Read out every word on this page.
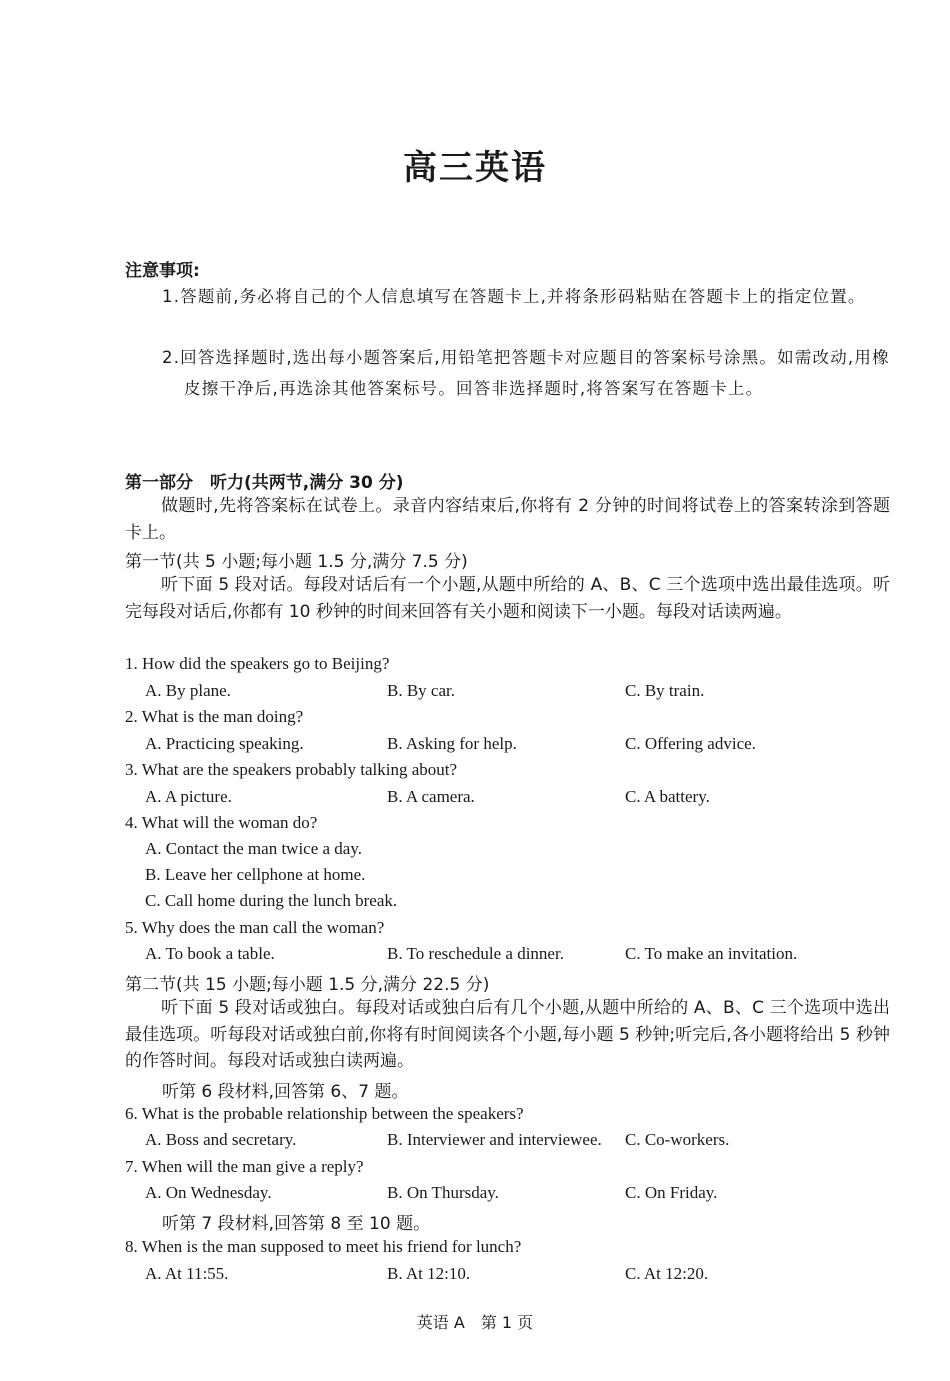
高三英语
注意事项:
1.答题前,务必将自己的个人信息填写在答题卡上,并将条形码粘贴在答题卡上的指定位置。
2.回答选择题时,选出每小题答案后,用铅笔把答题卡对应题目的答案标号涂黑。如需改动,用橡皮擦干净后,再选涂其他答案标号。回答非选择题时,将答案写在答题卡上。
第一部分　听力(共两节,满分 30 分)
做题时,先将答案标在试卷上。录音内容结束后,你将有 2 分钟的时间将试卷上的答案转涂到答题卡上。
第一节(共 5 小题;每小题 1.5 分,满分 7.5 分)
听下面 5 段对话。每段对话后有一个小题,从题中所给的 A、B、C 三个选项中选出最佳选项。听完每段对话后,你都有 10 秒钟的时间来回答有关小题和阅读下一小题。每段对话读两遍。
1. How did the speakers go to Beijing?
A. By plane.	B. By car.	C. By train.
2. What is the man doing?
A. Practicing speaking.	B. Asking for help.	C. Offering advice.
3. What are the speakers probably talking about?
A. A picture.	B. A camera.	C. A battery.
4. What will the woman do?
A. Contact the man twice a day.
B. Leave her cellphone at home.
C. Call home during the lunch break.
5. Why does the man call the woman?
A. To book a table.	B. To reschedule a dinner.	C. To make an invitation.
第二节(共 15 小题;每小题 1.5 分,满分 22.5 分)
听下面 5 段对话或独白。每段对话或独白后有几个小题,从题中所给的 A、B、C 三个选项中选出最佳选项。听每段对话或独白前,你将有时间阅读各个小题,每小题 5 秒钟;听完后,各小题将给出 5 秒钟的作答时间。每段对话或独白读两遍。
听第 6 段材料,回答第 6、7 题。
6. What is the probable relationship between the speakers?
A. Boss and secretary.	B. Interviewer and interviewee. C. Co-workers.
7. When will the man give a reply?
A. On Wednesday.	B. On Thursday.	C. On Friday.
听第 7 段材料,回答第 8 至 10 题。
8. When is the man supposed to meet his friend for lunch?
A. At 11:55.	B. At 12:10.	C. At 12:20.
英语 A　第 1 页
